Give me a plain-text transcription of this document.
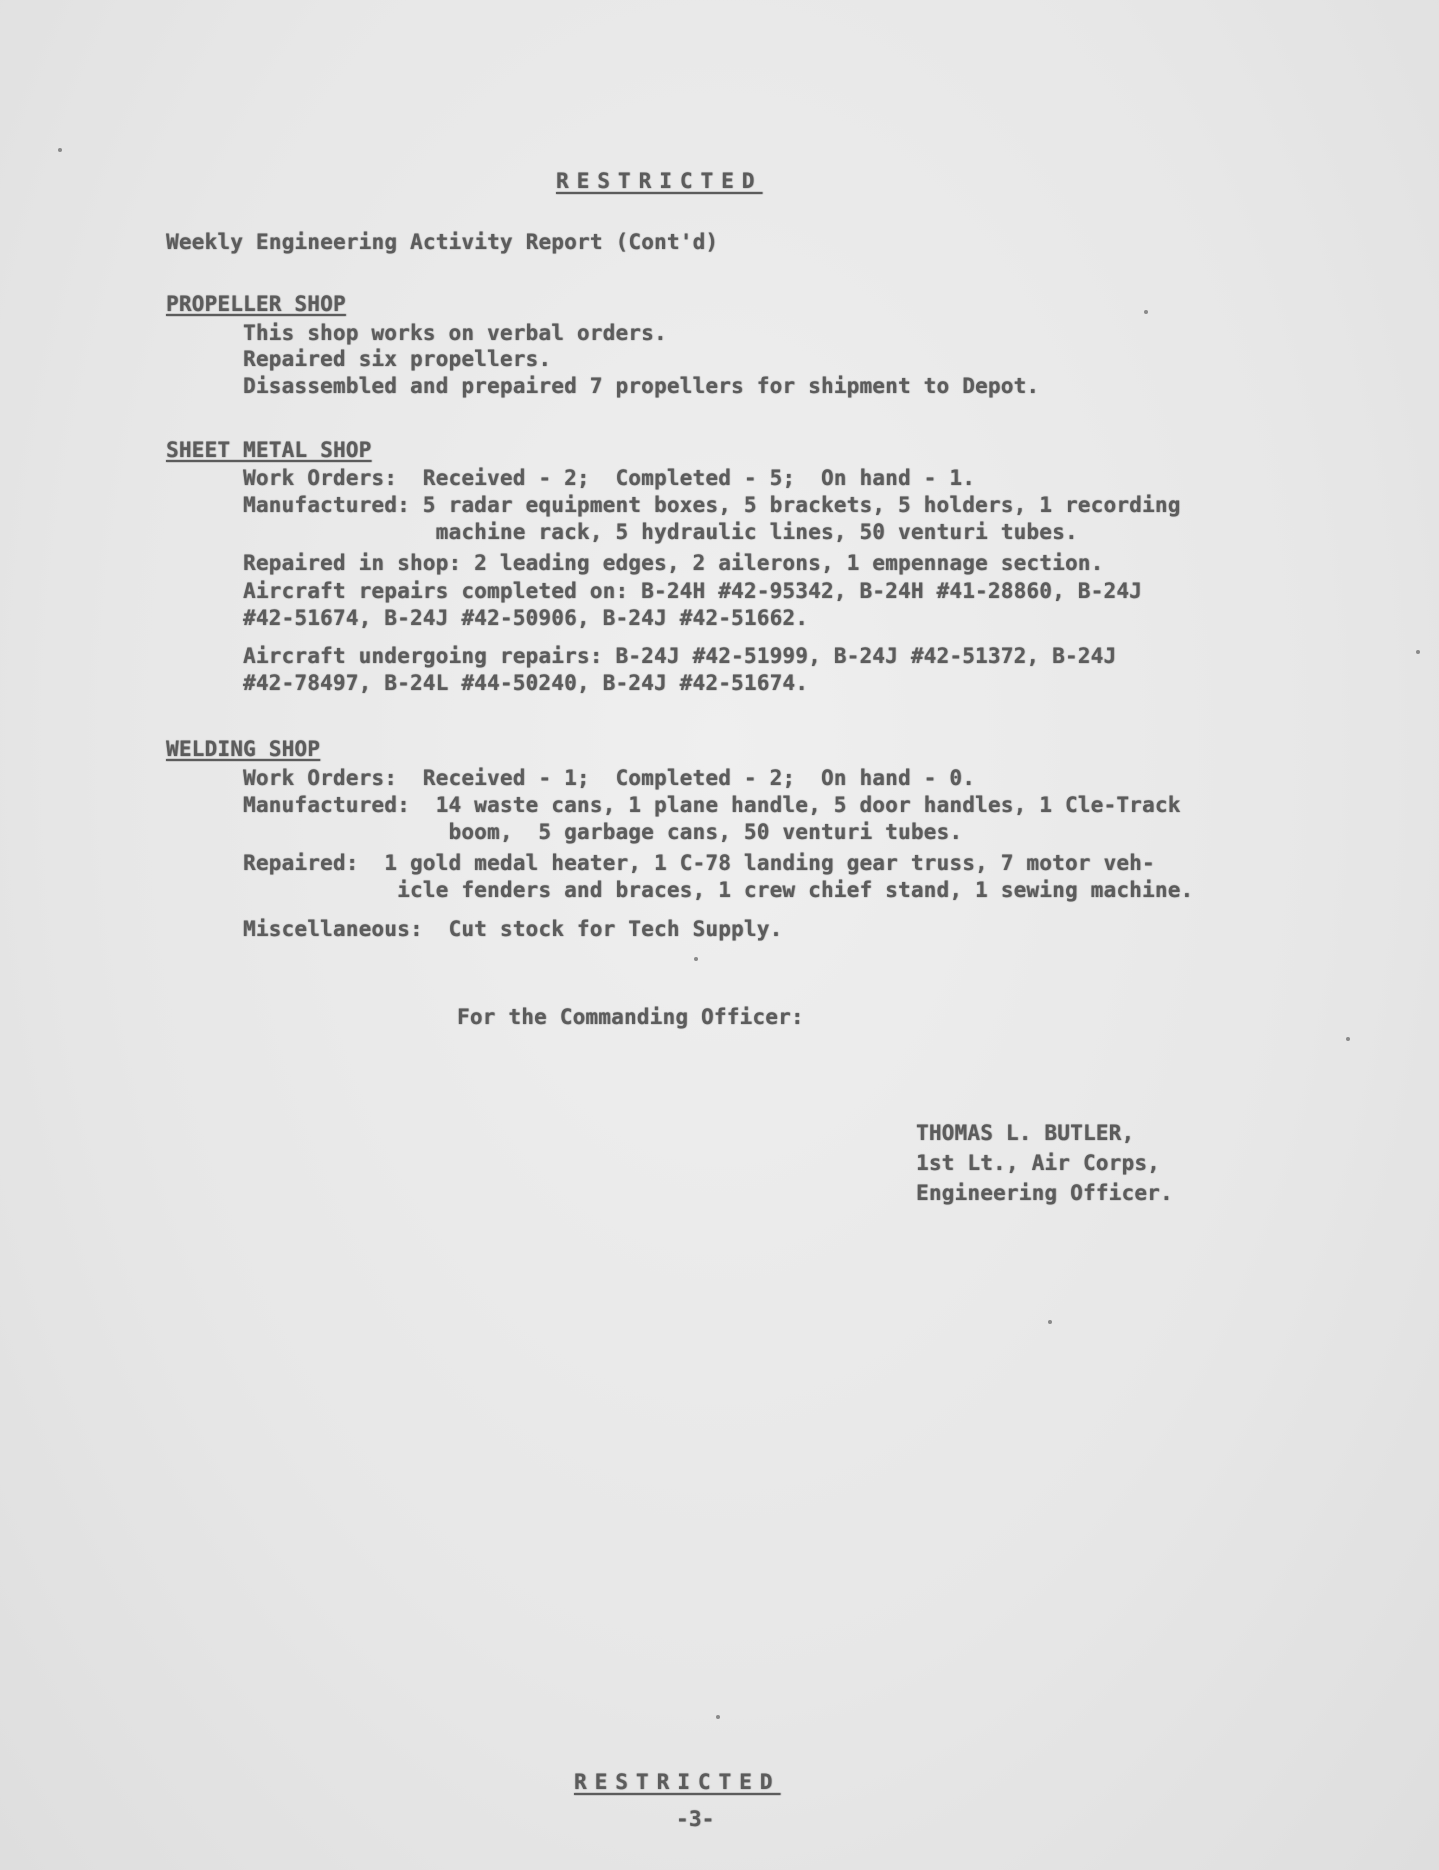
RESTRICTED
Weekly Engineering Activity Report (Cont'd)
PROPELLER SHOP
This shop works on verbal orders.
Repaired six propellers.
Disassembled and prepaired 7 propellers for shipment to Depot.
SHEET METAL SHOP
Work Orders:  Received - 2;  Completed - 5;  On hand - 1.
Manufactured: 5 radar equipment boxes, 5 brackets, 5 holders, 1 recording
machine rack, 5 hydraulic lines, 50 venturi tubes.
Repaired in shop: 2 leading edges, 2 ailerons, 1 empennage section.
Aircraft repairs completed on: B-24H #42-95342, B-24H #41-28860, B-24J
#42-51674, B-24J #42-50906, B-24J #42-51662.
Aircraft undergoing repairs: B-24J #42-51999, B-24J #42-51372, B-24J
#42-78497, B-24L #44-50240, B-24J #42-51674.
WELDING SHOP
Work Orders:  Received - 1;  Completed - 2;  On hand - 0.
Manufactured:  14 waste cans, 1 plane handle, 5 door handles, 1 Cle-Track
boom,  5 garbage cans, 50 venturi tubes.
Repaired:  1 gold medal heater, 1 C-78 landing gear truss, 7 motor veh-
icle fenders and braces, 1 crew chief stand, 1 sewing machine.
Miscellaneous:  Cut stock for Tech Supply.
For the Commanding Officer:
THOMAS L. BUTLER,
1st Lt., Air Corps,
Engineering Officer.
RESTRICTED
-3-
